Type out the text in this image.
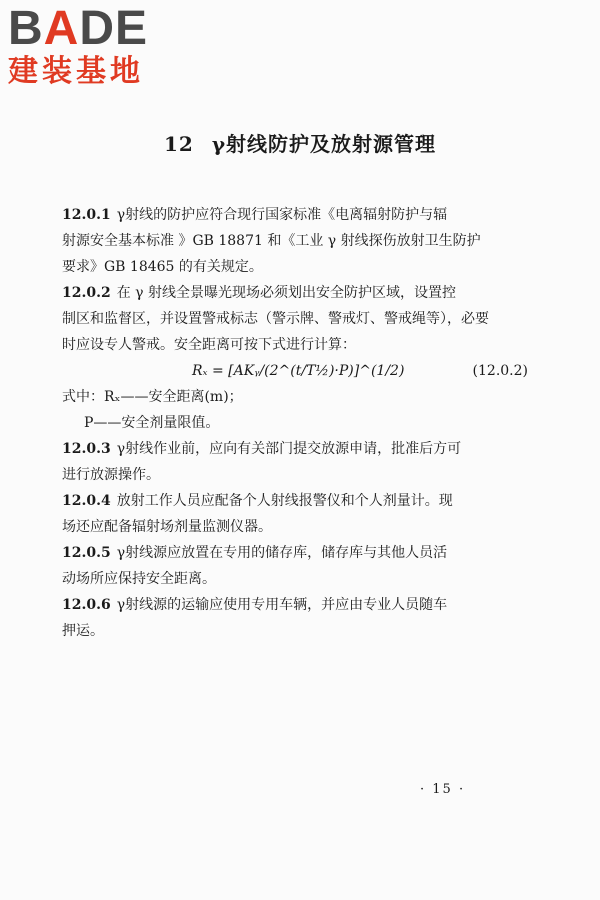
BADE
建装基地
12 γ射线防护及放射源管理
12.0.1 γ射线的防护应符合现行国家标准《电离辐射防护与辐
射源安全基本标准 》GB 18871 和《工业 γ 射线探伤放射卫生防护
要求》GB 18465 的有关规定。
12.0.2 在 γ 射线全景曝光现场必须划出安全防护区域，设置控
制区和监督区，并设置警戒标志（警示牌、警戒灯、警戒绳等），必要
时应设专人警戒。安全距离可按下式进行计算：
Rₓ = [AKᵧ/(2^(t/T½)·P)]^(1/2)	(12.0.2)
式中：Rₓ——安全距离(m)；
P——安全剂量限值。
12.0.3 γ射线作业前，应向有关部门提交放源申请，批准后方可
进行放源操作。
12.0.4 放射工作人员应配备个人射线报警仪和个人剂量计。现
场还应配备辐射场剂量监测仪器。
12.0.5 γ射线源应放置在专用的储存库，储存库与其他人员活
动场所应保持安全距离。
12.0.6 γ射线源的运输应使用专用车辆，并应由专业人员随车
押运。
· 15 ·
